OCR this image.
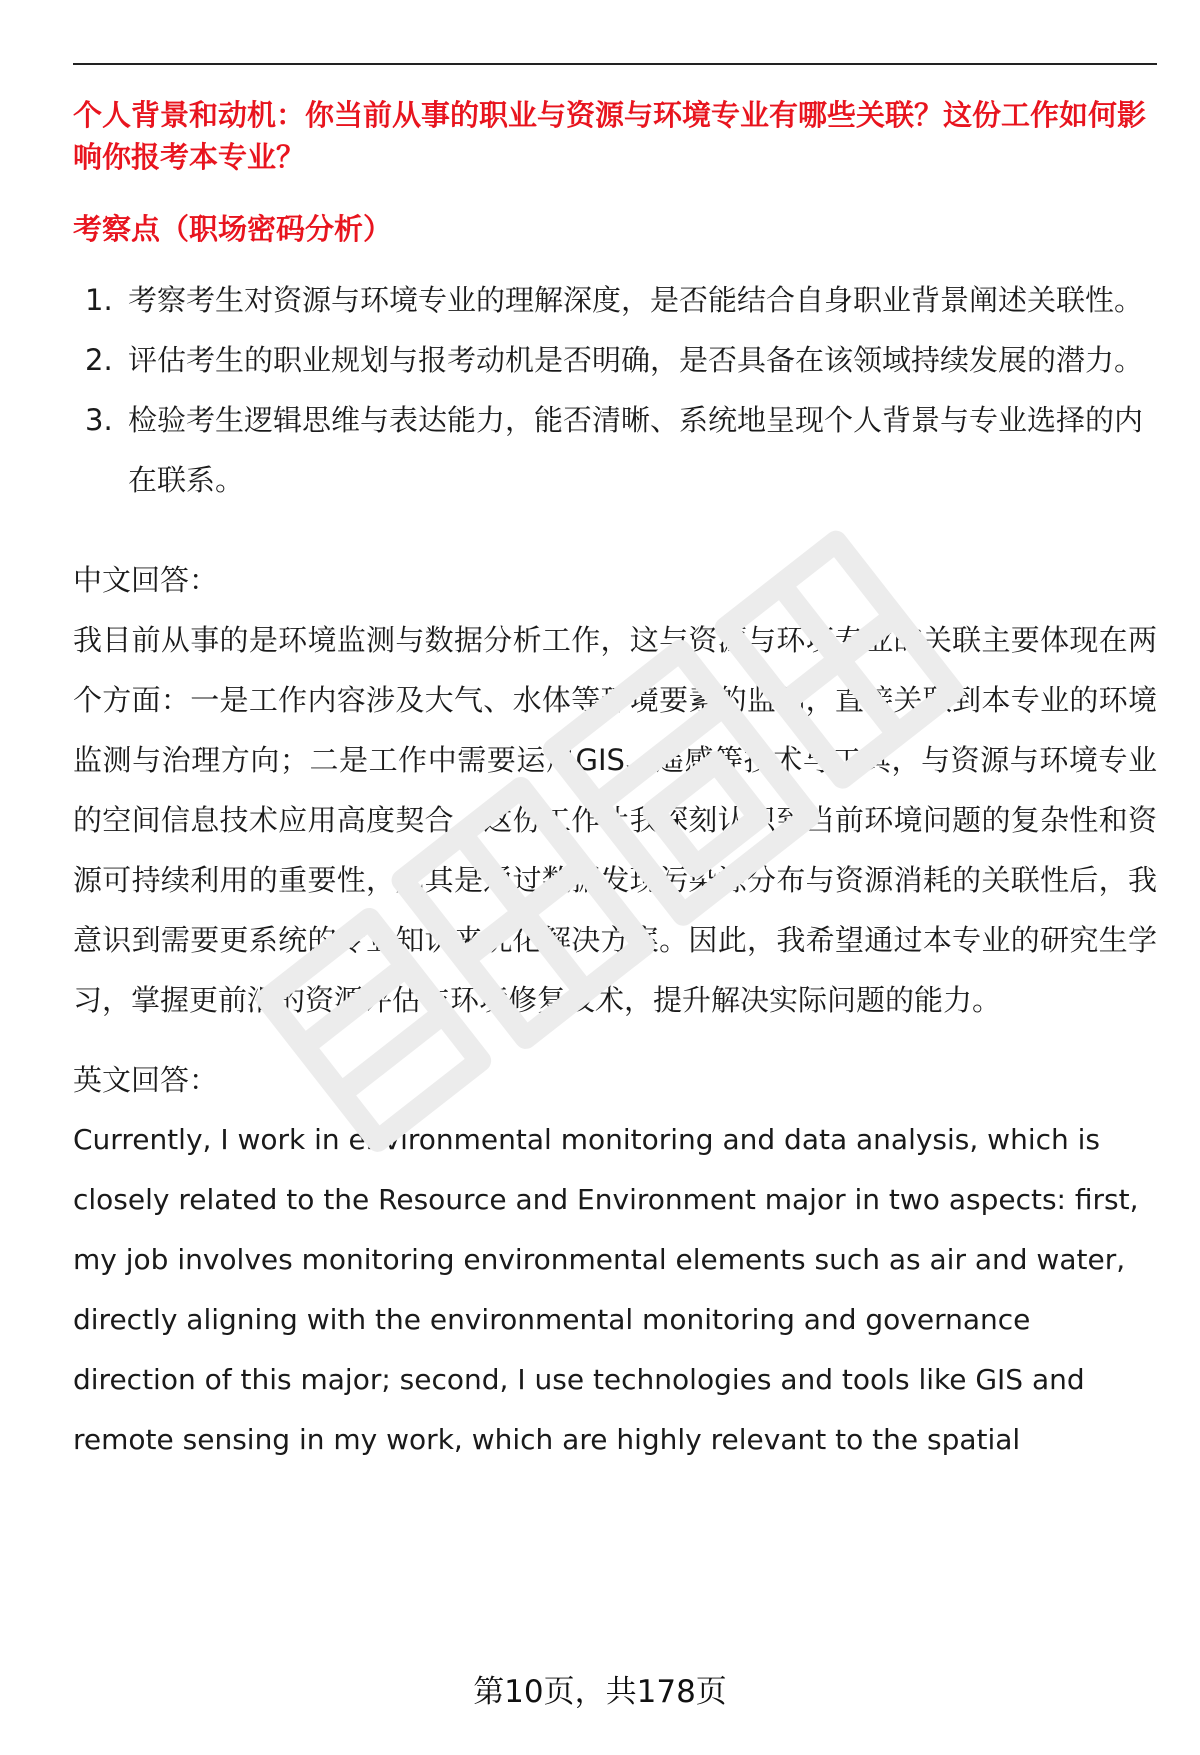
个人背景和动机：你当前从事的职业与资源与环境专业有哪些关联？这份工作如何影响你报考本专业？

考察点（职场密码分析）

1. 考察考生对资源与环境专业的理解深度，是否能结合自身职业背景阐述关联性。
2. 评估考生的职业规划与报考动机是否明确，是否具备在该领域持续发展的潜力。
3. 检验考生逻辑思维与表达能力，能否清晰、系统地呈现个人背景与专业选择的内在联系。

中文回答：

我目前从事的是环境监测与数据分析工作，这与资源与环境专业的关联主要体现在两个方面：一是工作内容涉及大气、水体等环境要素的监测，直接关联到本专业的环境监测与治理方向；二是工作中需要运用GIS、遥感等技术与工具，与资源与环境专业的空间信息技术应用高度契合。这份工作让我深刻认识到当前环境问题的复杂性和资源可持续利用的重要性，尤其是通过数据发现污染源分布与资源消耗的关联性后，我意识到需要更系统的专业知识来优化解决方案。因此，我希望通过本专业的研究生学习，掌握更前沿的资源评估与环境修复技术，提升解决实际问题的能力。

英文回答：

Currently, I work in environmental monitoring and data analysis, which is
closely related to the Resource and Environment major in two aspects: first,
my job involves monitoring environmental elements such as air and water,
directly aligning with the environmental monitoring and governance
direction of this major; second, I use technologies and tools like GIS and
remote sensing in my work, which are highly relevant to the spatial
第10页，共178页
